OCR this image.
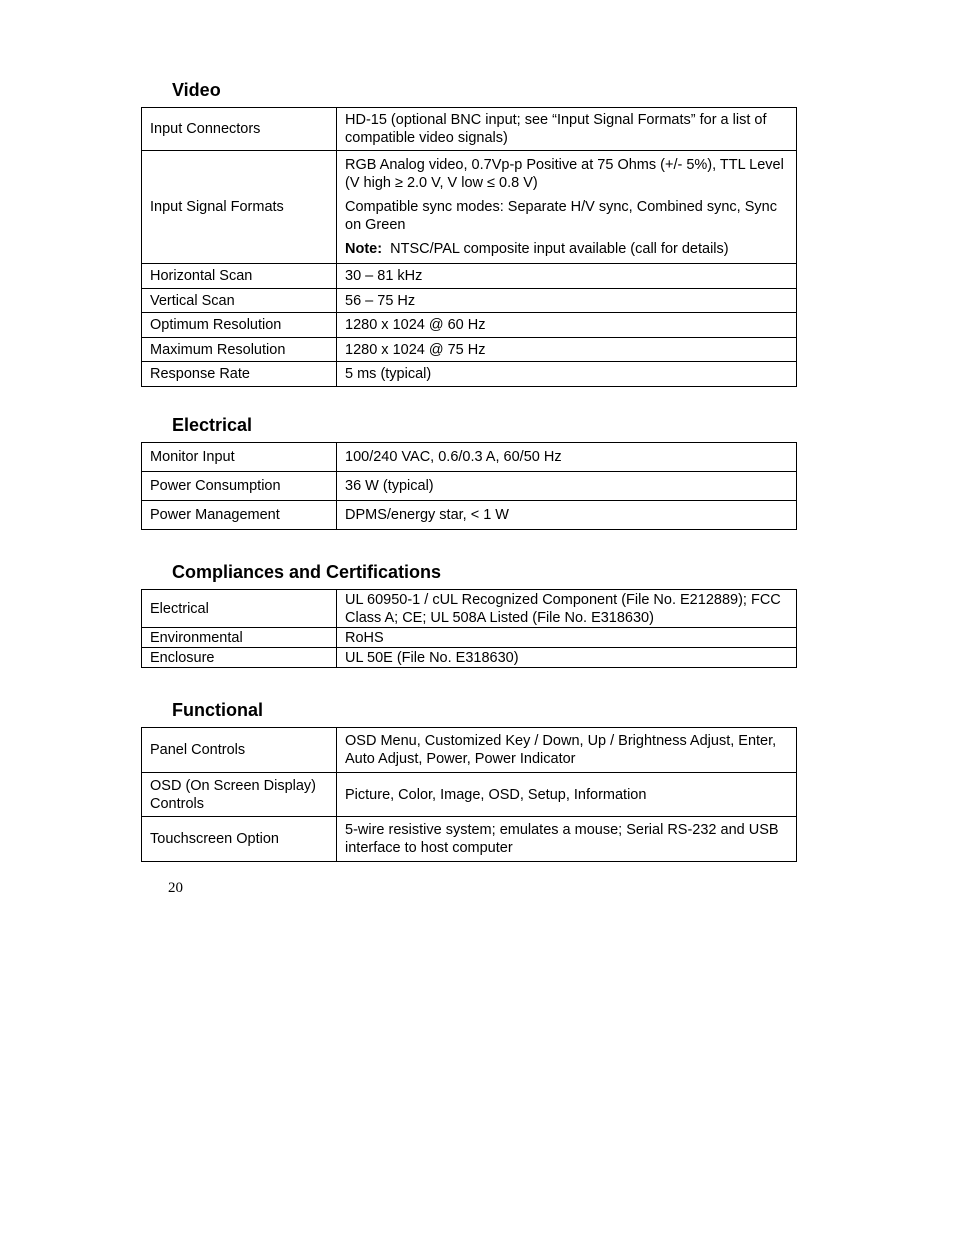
Video
Input Connectors	HD-15 (optional BNC input; see “Input Signal Formats” for a list of compatible video signals)
Input Signal Formats	RGB Analog video, 0.7Vp-p Positive at 75 Ohms (+/- 5%), TTL Level (V high ≥ 2.0 V, V low ≤ 0.8 V)

Compatible sync modes: Separate H/V sync, Combined sync, Sync on Green

Note: NTSC/PAL composite input available (call for details)

Horizontal Scan	30 – 81 kHz
Vertical Scan	56 – 75 Hz
Optimum Resolution	1280 x 1024 @ 60 Hz
Maximum Resolution	1280 x 1024 @ 75 Hz
Response Rate	5 ms (typical)
Electrical
Monitor Input	100/240 VAC, 0.6/0.3 A, 60/50 Hz
Power Consumption	36 W (typical)
Power Management	DPMS/energy star, < 1 W
Compliances and Certifications
Electrical	UL 60950-1 / cUL Recognized Component (File No. E212889); FCC Class A; CE; UL 508A Listed (File No. E318630)
Environmental	RoHS
Enclosure	UL 50E (File No. E318630)
Functional
Panel Controls	OSD Menu, Customized Key / Down, Up / Brightness Adjust, Enter, Auto Adjust, Power, Power Indicator
OSD (On Screen Display) Controls	Picture, Color, Image, OSD, Setup, Information
Touchscreen Option	5-wire resistive system; emulates a mouse; Serial RS-232 and USB interface to host computer
20
